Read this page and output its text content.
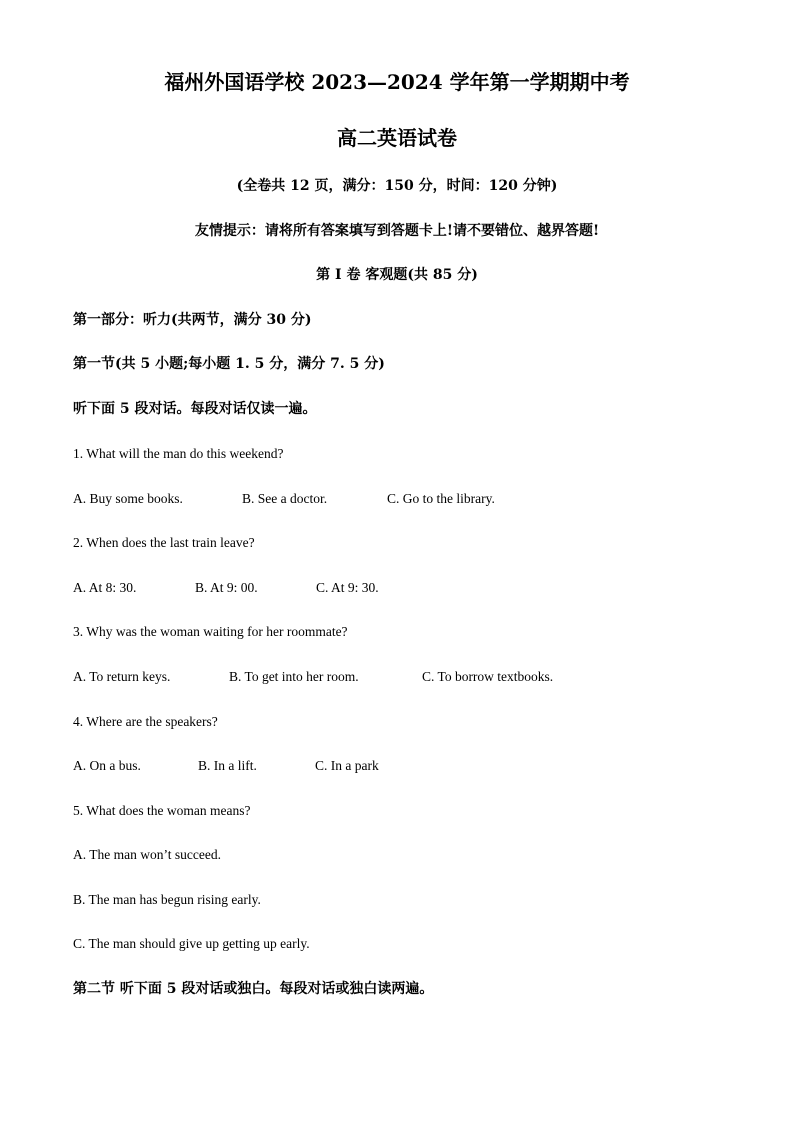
福州外国语学校 2023—2024 学年第一学期期中考
高二英语试卷
(全卷共 12 页，满分：150 分，时间：120 分钟)
友情提示：请将所有答案填写到答题卡上!请不要错位、越界答题!
第 I 卷 客观题(共 85 分)
第一部分：听力(共两节，满分 30 分)
第一节(共 5 小题;每小题 1. 5 分，满分 7. 5 分)
听下面 5 段对话。每段对话仅读一遍。
1. What will the man do this weekend?
A. Buy some books.	B. See a doctor.	C. Go to the library.
2. When does the last train leave?
A. At 8: 30.	B. At 9: 00.	C. At 9: 30.
3. Why was the woman waiting for her roommate?
A. To return keys.	B. To get into her room.	C. To borrow textbooks.
4. Where are the speakers?
A. On a bus.	B. In a lift.	C. In a park
5. What does the woman means?
A. The man won’t succeed.
B. The man has begun rising early.
C. The man should give up getting up early.
第二节 听下面 5 段对话或独白。每段对话或独白读两遍。
